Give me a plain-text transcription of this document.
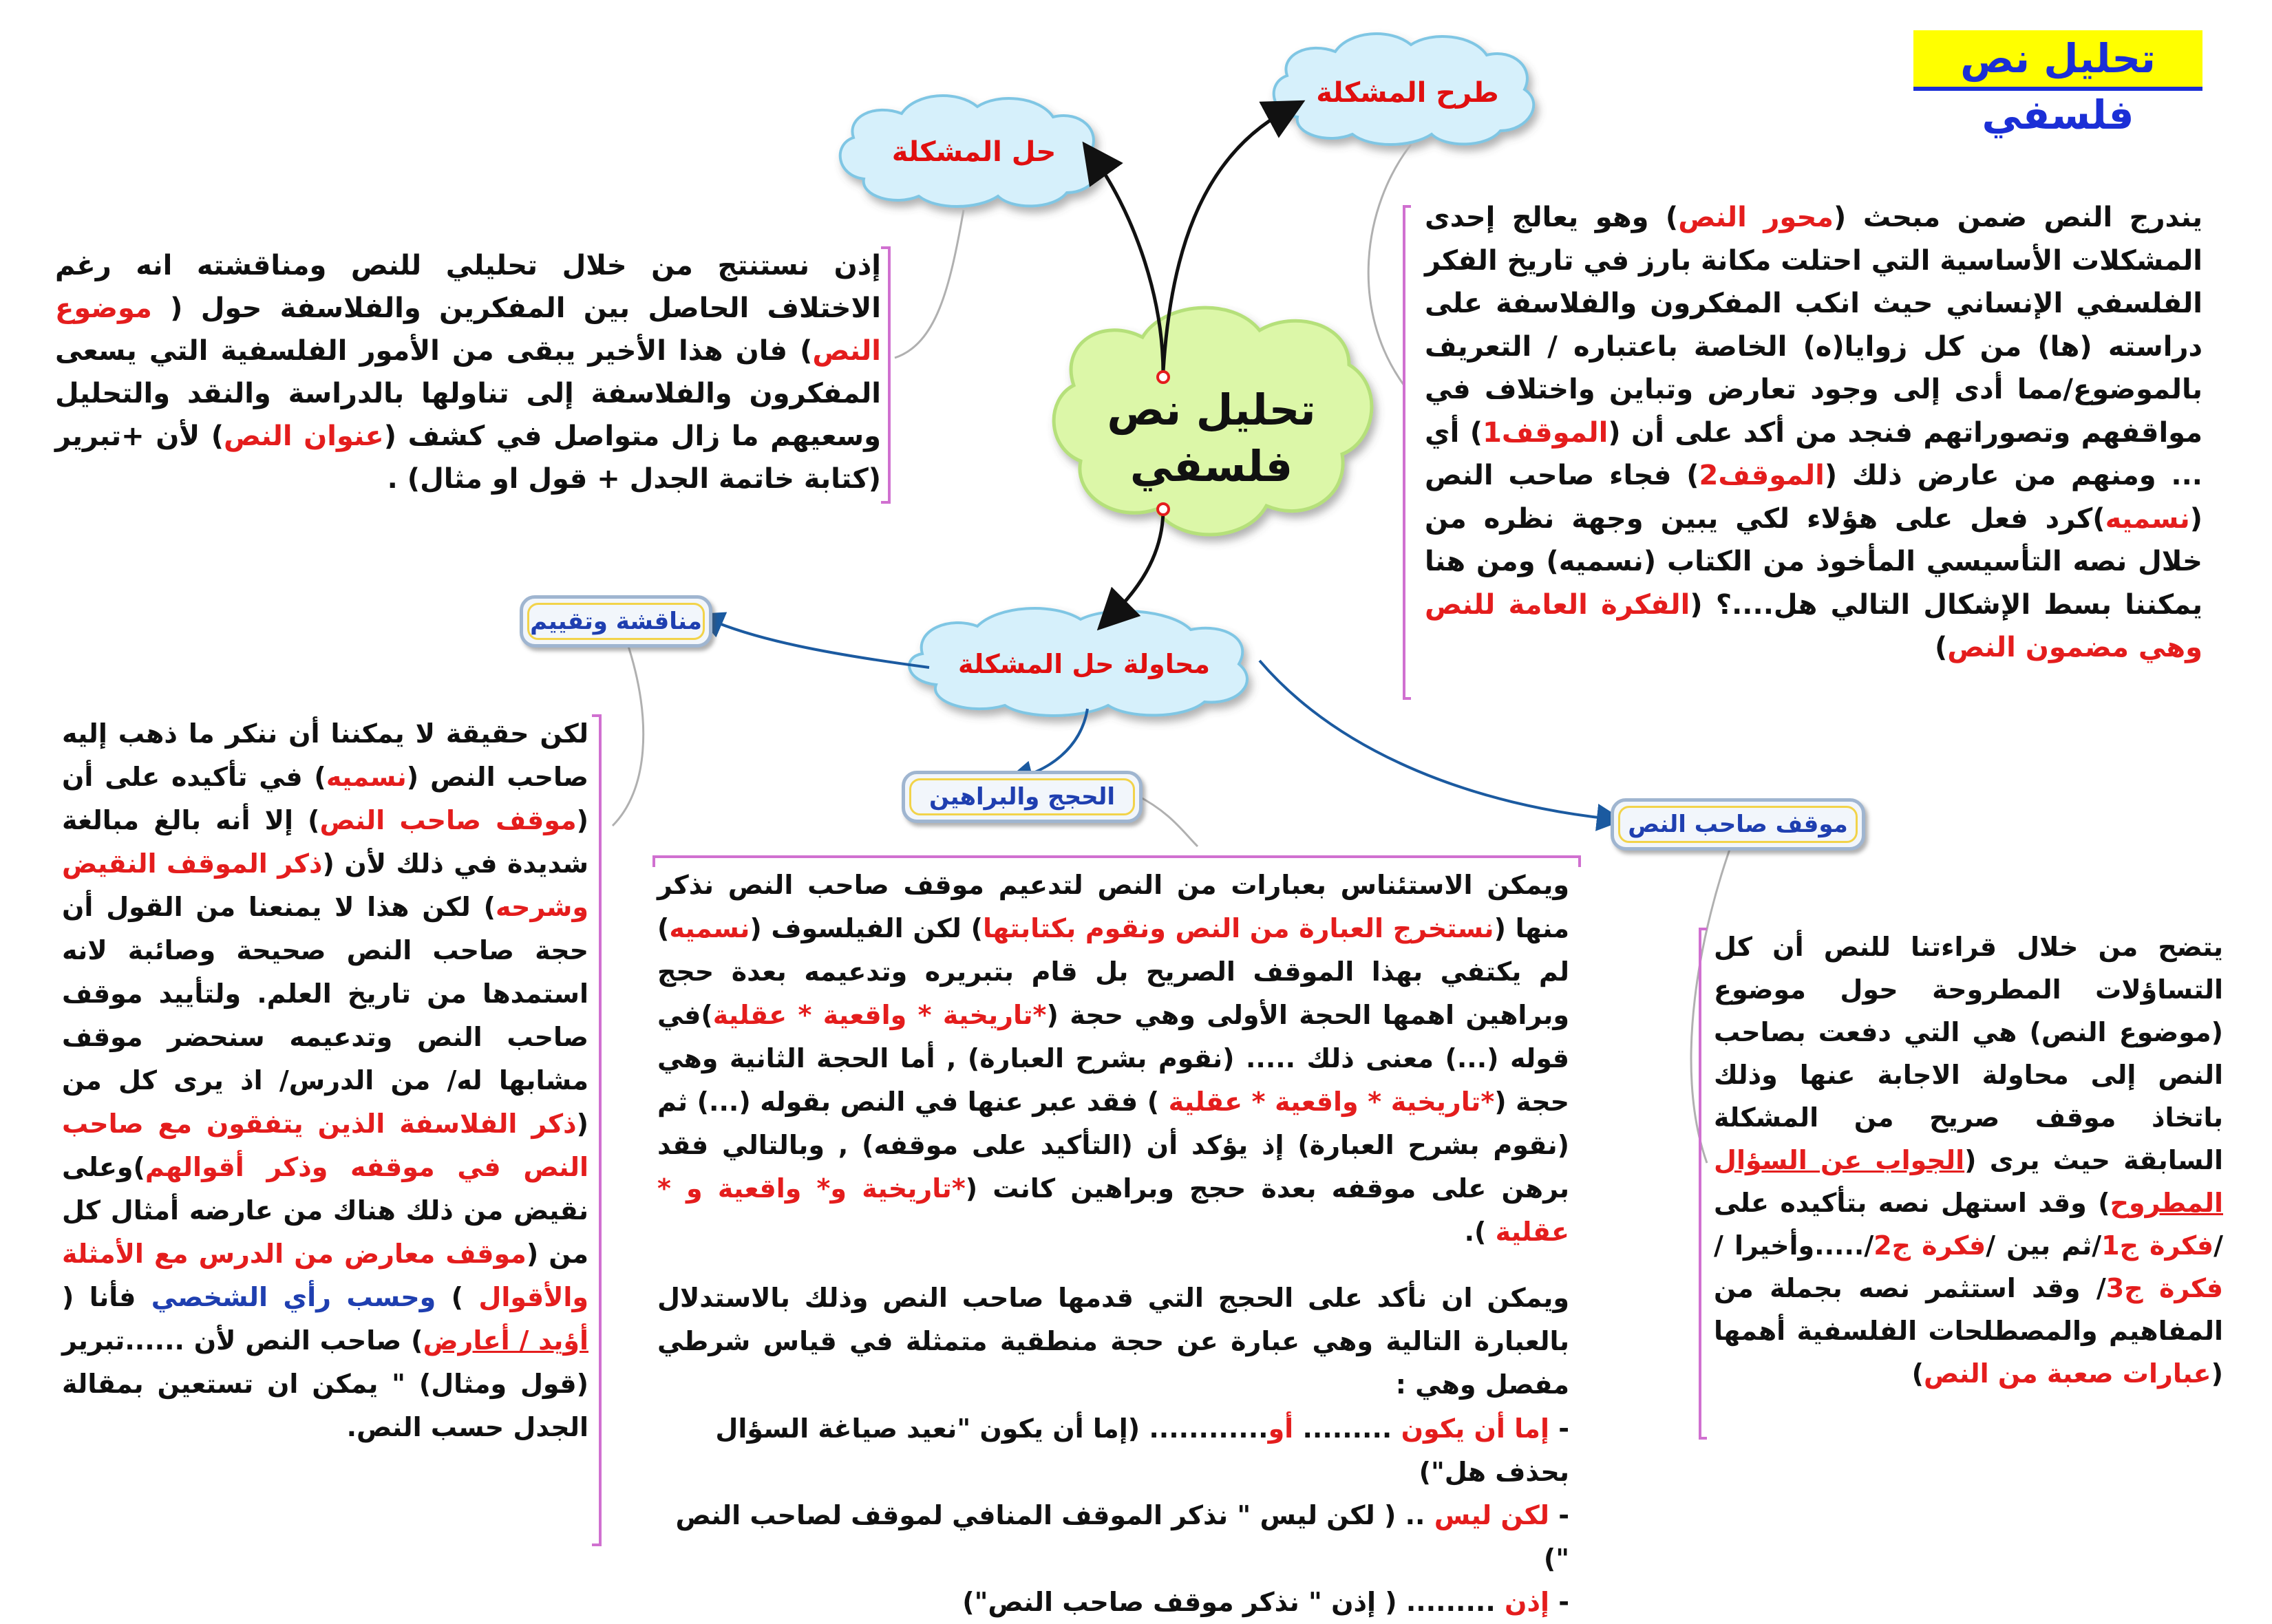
تحليل نص فلسفي
طرح المشكلة
حل المشكلة
محاولة حل المشكلة
تحليل نص
فلسفي
مناقشة وتقييم
الحجج والبراهين
موقف صاحب النص
يندرج النص ضمن مبحث (محور النص) وهو يعالج إحدى المشكلات الأساسية التي احتلت مكانة بارز في تاريخ الفكر الفلسفي الإنساني حيث انكب المفكرون والفلاسفة على دراسته (ها) من كل زوايا(ه) الخاصة باعتباره / التعريف بالموضوع/مما أدى إلى وجود تعارض وتباين واختلاف في مواقفهم وتصوراتهم فنجد من أكد على أن (الموقف1) أي ... ومنهم من عارض ذلك (الموقف2) فجاء صاحب النص (نسميه)كرد فعل على هؤلاء لكي يبين وجهة نظره من خلال نصه التأسيسي المأخوذ من الكتاب (نسميه) ومن هنا يمكننا بسط الإشكال التالي هل....؟ (الفكرة العامة للنص وهي مضمون النص)
إذن نستنتج من خلال تحليلي للنص ومناقشته انه رغم الاختلاف الحاصل بين المفكرين والفلاسفة حول ( موضوع النص) فان هذا الأخير يبقى من الأمور الفلسفية التي يسعى المفكرون والفلاسفة إلى تناولها بالدراسة والنقد والتحليل وسعيهم ما زال متواصل في كشف (عنوان النص) لأن +تبرير (كتابة خاتمة الجدل + قول او مثال) .
لكن حقيقة لا يمكننا أن ننكر ما ذهب إليه صاحب النص (نسميه) في تأكيده على أن (موقف صاحب النص) إلا أنه بالغ مبالغة شديدة في ذلك لأن (ذكر الموقف النقيض وشرحه) لكن هذا لا يمنعنا من القول أن حجة صاحب النص صحيحة وصائبة لانه استمدها من تاريخ العلم. ولتأييد موقف صاحب النص وتدعيمه سنحضر موقف مشابها له/ من الدرس/ اذ يرى كل من (ذكر الفلاسفة الذين يتفقون مع صاحب النص في موقفه وذكر أقوالهم)وعلى نقيض من ذلك هناك من عارضه أمثال كل من (موقف معارض من الدرس مع الأمثلة والأقوال ) وحسب رأي الشخصي فأنا ( أؤيد / أعارض) صاحب النص لأن ......تبرير (قول ومثال) " يمكن ان تستعين بمقالة الجدل حسب النص.
يتضح من خلال قراءتنا للنص أن كل التساؤلات المطروحة حول موضوع (موضوع النص) هي التي دفعت بصاحب النص إلى محاولة الاجابة عنها وذلك باتخاذ موقف صريح من المشكلة السابقة حيث يرى (الجواب عن السؤال المطروح) وقد استهل نصه بتأكيده على /فكرة ج1/ثم بين /فكرة ج2/.....وأخيرا /فكرة ج3/ وقد استثمر نصه بجملة من المفاهيم والمصطلحات الفلسفية أهمها (عبارات صعبة من النص)
ويمكن الاستئناس بعبارات من النص لتدعيم موقف صاحب النص نذكر منها (نستخرج العبارة من النص ونقوم بكتابتها) لكن الفيلسوف (نسميه) لم يكتفي بهذا الموقف الصريح بل قام بتبريره وتدعيمه بعدة حجج وبراهين اهمها الحجة الأولى وهي حجة (*تاريخية * واقعية * عقلية)في قوله (...) معنى ذلك ..... (نقوم بشرح العبارة) , أما الحجة الثانية وهي حجة (*تاريخية * واقعية * عقلية ) فقد عبر عنها في النص بقوله (...) ثم (نقوم بشرح العبارة) إذ يؤكد أن (التأكيد على موقفه) , وبالتالي فقد برهن على موقفه بعدة حجج وبراهين كانت (*تاريخية و* واقعية و * عقلية ).
ويمكن ان نأكد على الحجج التي قدمها صاحب النص وذلك بالاستدلال بالعبارة التالية وهي عبارة عن حجة منطقية متمثلة في قياس شرطي مفصل وهي :

- إما أن يكون ......... أو............ (إما أن يكون "نعيد صياغة السؤال بحذف هل")

- لكن ليس .. ( لكن ليس " نذكر الموقف المنافي لموقف لصاحب النص ")

- إذن ......... ( إذن " نذكر موقف صاحب النص")
